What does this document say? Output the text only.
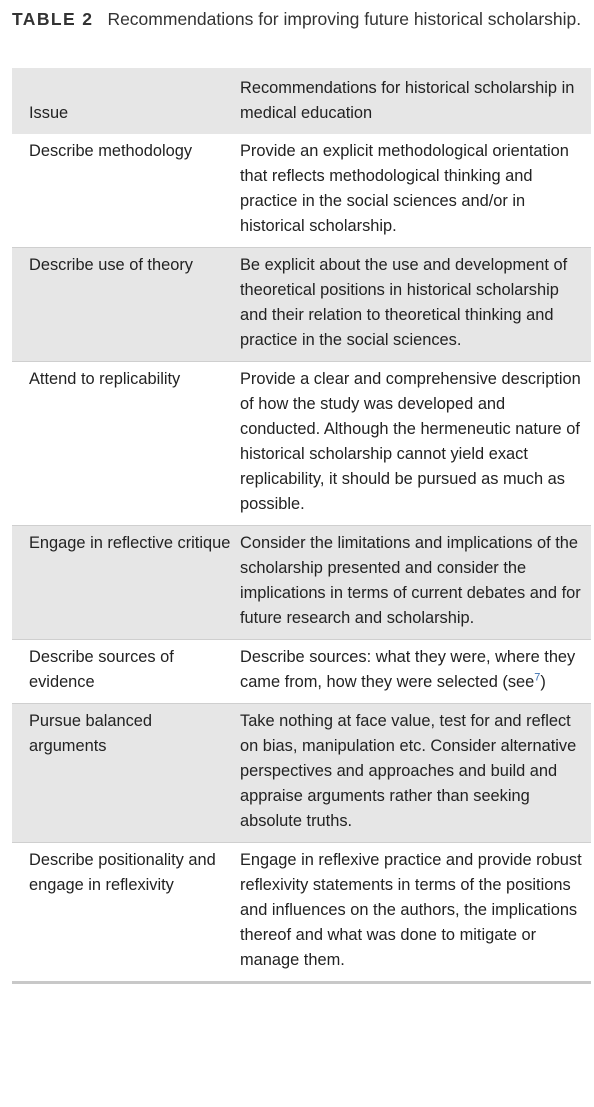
TABLE 2 Recommendations for improving future historical scholarship.
Issue	Recommendations for historical scholarship in medical education
Describe methodology	Provide an explicit methodological orientation that reflects methodological thinking and practice in the social sciences and/or in historical scholarship.
Describe use of theory	Be explicit about the use and development of theoretical positions in historical scholarship and their relation to theoretical thinking and practice in the social sciences.
Attend to replicability	Provide a clear and comprehensive description of how the study was developed and conducted. Although the hermeneutic nature of historical scholarship cannot yield exact replicability, it should be pursued as much as possible.
Engage in reflective critique	Consider the limitations and implications of the scholarship presented and consider the implications in terms of current debates and for future research and scholarship.
Describe sources of evidence	Describe sources: what they were, where they came from, how they were selected (see$^7$)
Pursue balanced arguments	Take nothing at face value, test for and reflect on bias, manipulation etc. Consider alternative perspectives and approaches and build and appraise arguments rather than seeking absolute truths.
Describe positionality and engage in reflexivity	Engage in reflexive practice and provide robust reflexivity statements in terms of the positions and influences on the authors, the implications thereof and what was done to mitigate or manage them.
